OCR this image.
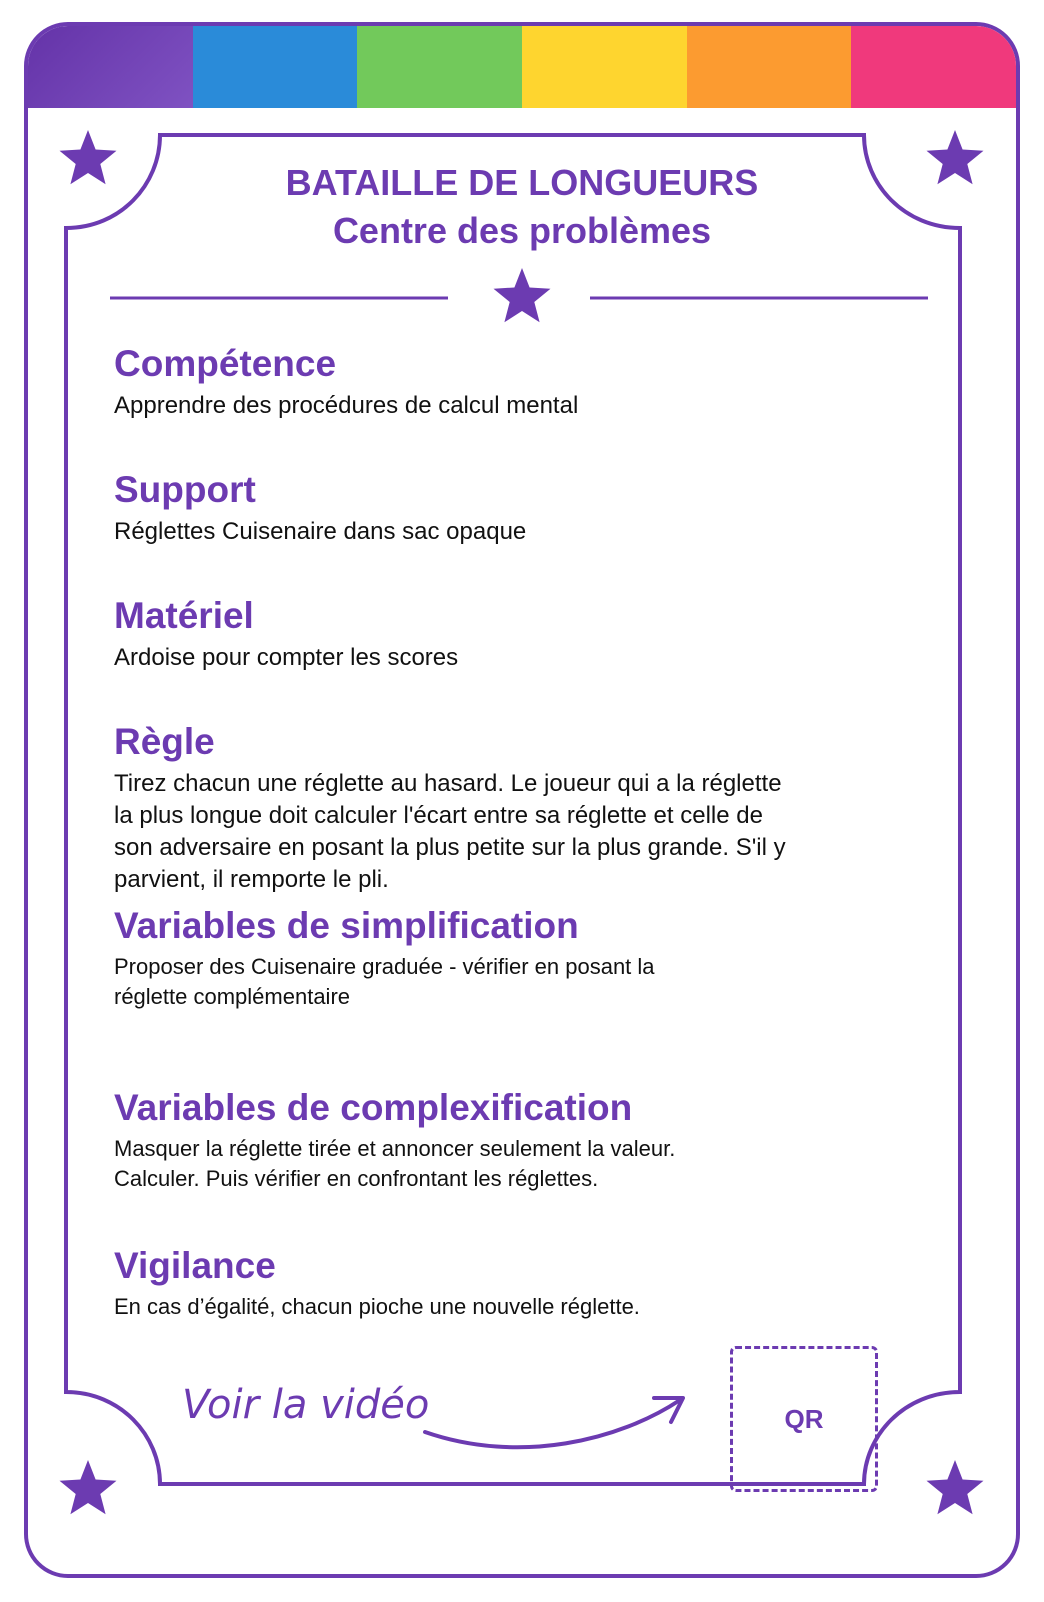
BATAILLE DE LONGUEURS
Centre des problèmes
Compétence
Apprendre des procédures de calcul mental
Support
Réglettes Cuisenaire dans sac opaque
Matériel
Ardoise pour compter les scores
Règle
Tirez chacun une réglette au hasard. Le joueur qui a la réglette la plus longue doit calculer l'écart entre sa réglette et celle de son adversaire en posant la plus petite sur la plus grande. S'il y parvient, il remporte le pli.
Variables de simplification
Proposer des Cuisenaire graduée - vérifier en posant la réglette complémentaire
Variables de complexification
Masquer la réglette tirée et annoncer seulement la valeur. Calculer. Puis vérifier en confrontant les réglettes.
Vigilance
En cas d’égalité, chacun pioche une nouvelle réglette.
Voir la vidéo	QR
